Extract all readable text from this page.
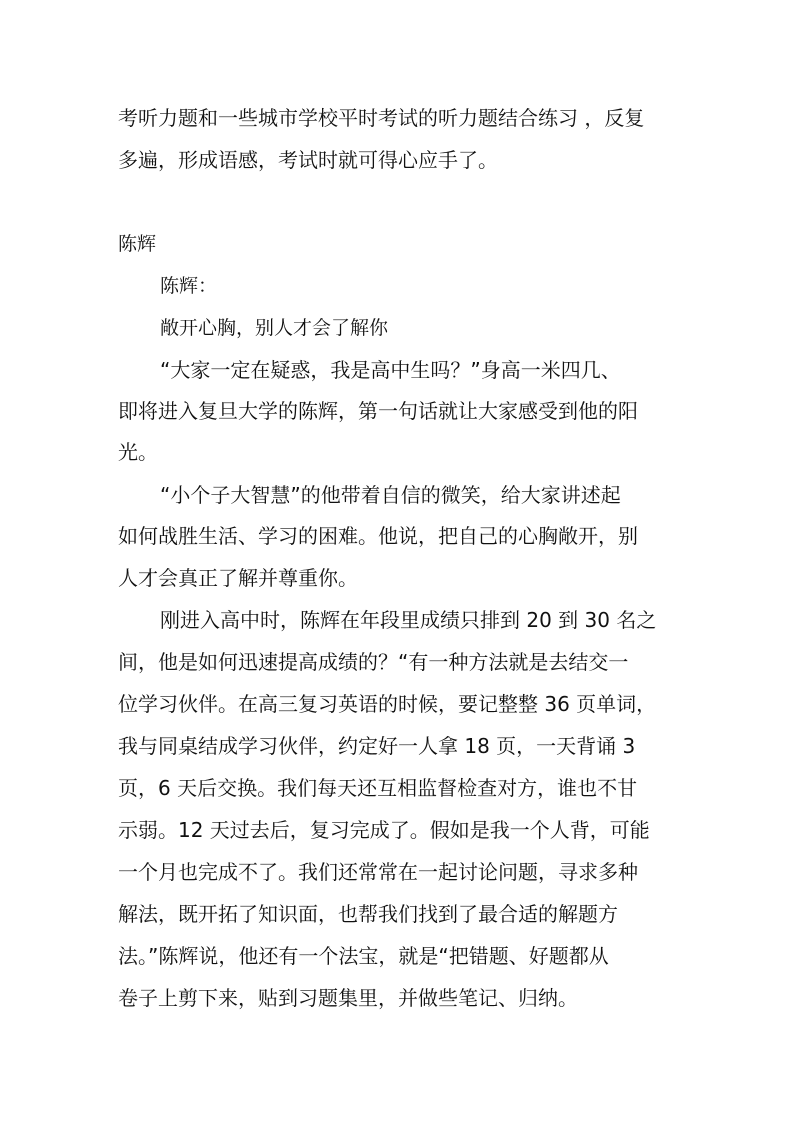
考听力题和一些城市学校平时考试的听力题结合练习 ，反复

多遍，形成语感，考试时就可得心应手了。

陈辉

陈辉：

敞开心胸，别人才会了解你

“大家一定在疑惑，我是高中生吗？”身高一米四几、

即将进入复旦大学的陈辉，第一句话就让大家感受到他的阳

光。

“小个子大智慧”的他带着自信的微笑，给大家讲述起

如何战胜生活、学习的困难。他说，把自己的心胸敞开，别

人才会真正了解并尊重你。

刚进入高中时，陈辉在年段里成绩只排到 20 到 30 名之

间，他是如何迅速提高成绩的？“有一种方法就是去结交一

位学习伙伴。在高三复习英语的时候，要记整整 36 页单词，

我与同桌结成学习伙伴，约定好一人拿 18 页，一天背诵 3

页，6 天后交换。我们每天还互相监督检查对方，谁也不甘

示弱。12 天过去后，复习完成了。假如是我一个人背，可能

一个月也完成不了。我们还常常在一起讨论问题，寻求多种

解法，既开拓了知识面，也帮我们找到了最合适的解题方

法。”陈辉说，他还有一个法宝，就是“把错题、好题都从

卷子上剪下来，贴到习题集里，并做些笔记、归纳。
